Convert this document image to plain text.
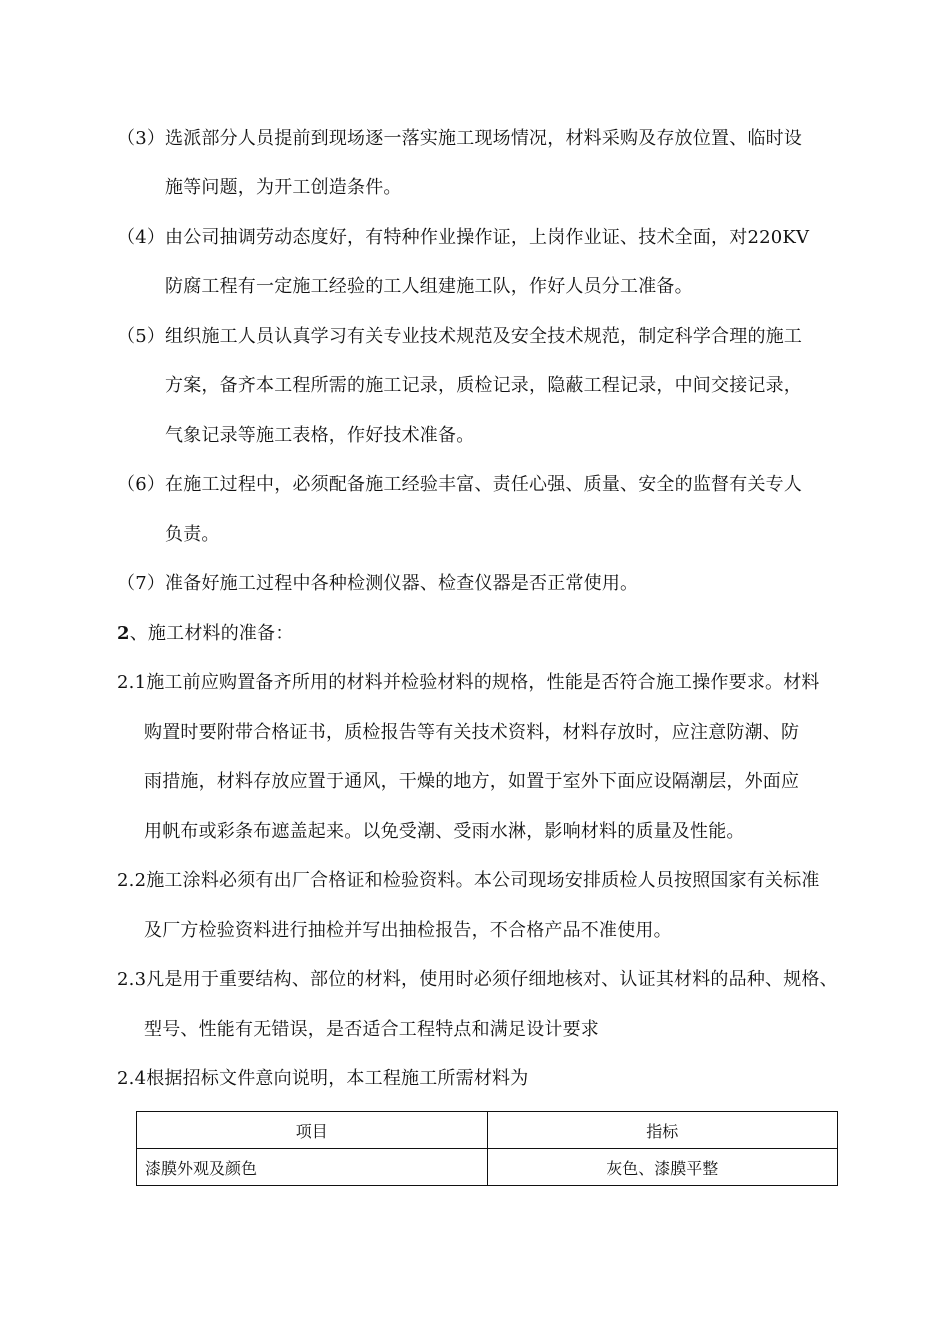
（3）选派部分人员提前到现场逐一落实施工现场情况，材料采购及存放位置、临时设
施等问题，为开工创造条件。
（4）由公司抽调劳动态度好，有特种作业操作证，上岗作业证、技术全面，对220KV
防腐工程有一定施工经验的工人组建施工队，作好人员分工准备。
（5）组织施工人员认真学习有关专业技术规范及安全技术规范，制定科学合理的施工
方案，备齐本工程所需的施工记录，质检记录，隐蔽工程记录，中间交接记录，
气象记录等施工表格，作好技术准备。
（6）在施工过程中，必须配备施工经验丰富、责任心强、质量、安全的监督有关专人
负责。
（7）准备好施工过程中各种检测仪器、检查仪器是否正常使用。
2、施工材料的准备：
2.1施工前应购置备齐所用的材料并检验材料的规格，性能是否符合施工操作要求。材料
购置时要附带合格证书，质检报告等有关技术资料，材料存放时，应注意防潮、防
雨措施，材料存放应置于通风，干燥的地方，如置于室外下面应设隔潮层，外面应
用帆布或彩条布遮盖起来。以免受潮、受雨水淋，影响材料的质量及性能。
2.2施工涂料必须有出厂合格证和检验资料。本公司现场安排质检人员按照国家有关标准
及厂方检验资料进行抽检并写出抽检报告，不合格产品不准使用。
2.3凡是用于重要结构、部位的材料，使用时必须仔细地核对、认证其材料的品种、规格、
型号、性能有无错误，是否适合工程特点和满足设计要求
2.4根据招标文件意向说明，本工程施工所需材料为
项目	指标
漆膜外观及颜色	灰色、漆膜平整
